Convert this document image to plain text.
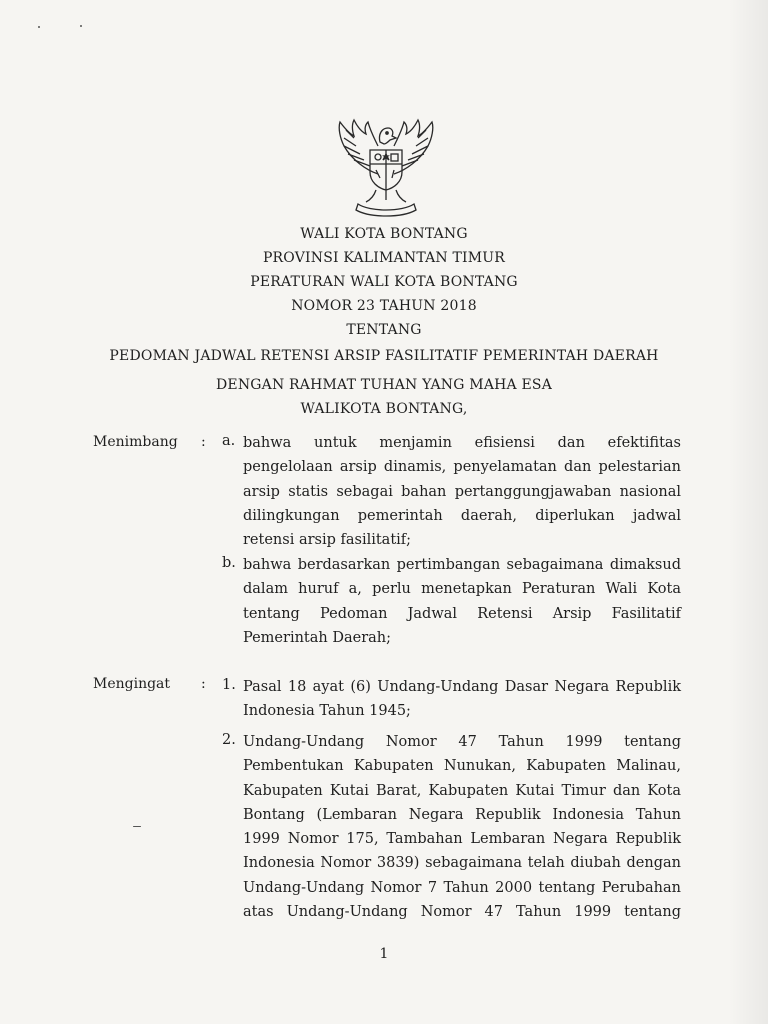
WALI KOTA BONTANG
PROVINSI KALIMANTAN TIMUR
PERATURAN WALI KOTA BONTANG
NOMOR 23 TAHUN 2018
TENTANG
PEDOMAN JADWAL RETENSI ARSIP FASILITATIF PEMERINTAH DAERAH
DENGAN RAHMAT TUHAN YANG MAHA ESA
WALIKOTA BONTANG,
Menimbang : a. bahwa untuk menjamin efisiensi dan efektifitas pengelolaan arsip dinamis, penyelamatan dan pelestarian arsip statis sebagai bahan pertanggungjawaban nasional dilingkungan pemerintah daerah, diperlukan jadwal retensi arsip fasilitatif;
b. bahwa berdasarkan pertimbangan sebagaimana dimaksud dalam huruf a, perlu menetapkan Peraturan Wali Kota tentang Pedoman Jadwal Retensi Arsip Fasilitatif Pemerintah Daerah;
Mengingat : 1. Pasal 18 ayat (6) Undang-Undang Dasar Negara Republik Indonesia Tahun 1945;
2. Undang-Undang Nomor 47 Tahun 1999 tentang Pembentukan Kabupaten Nunukan, Kabupaten Malinau, Kabupaten Kutai Barat, Kabupaten Kutai Timur dan Kota Bontang (Lembaran Negara Republik Indonesia Tahun 1999 Nomor 175, Tambahan Lembaran Negara Republik Indonesia Nomor 3839) sebagaimana telah diubah dengan Undang-Undang Nomor 7 Tahun 2000 tentang Perubahan atas Undang-Undang Nomor 47 Tahun 1999 tentang
1
